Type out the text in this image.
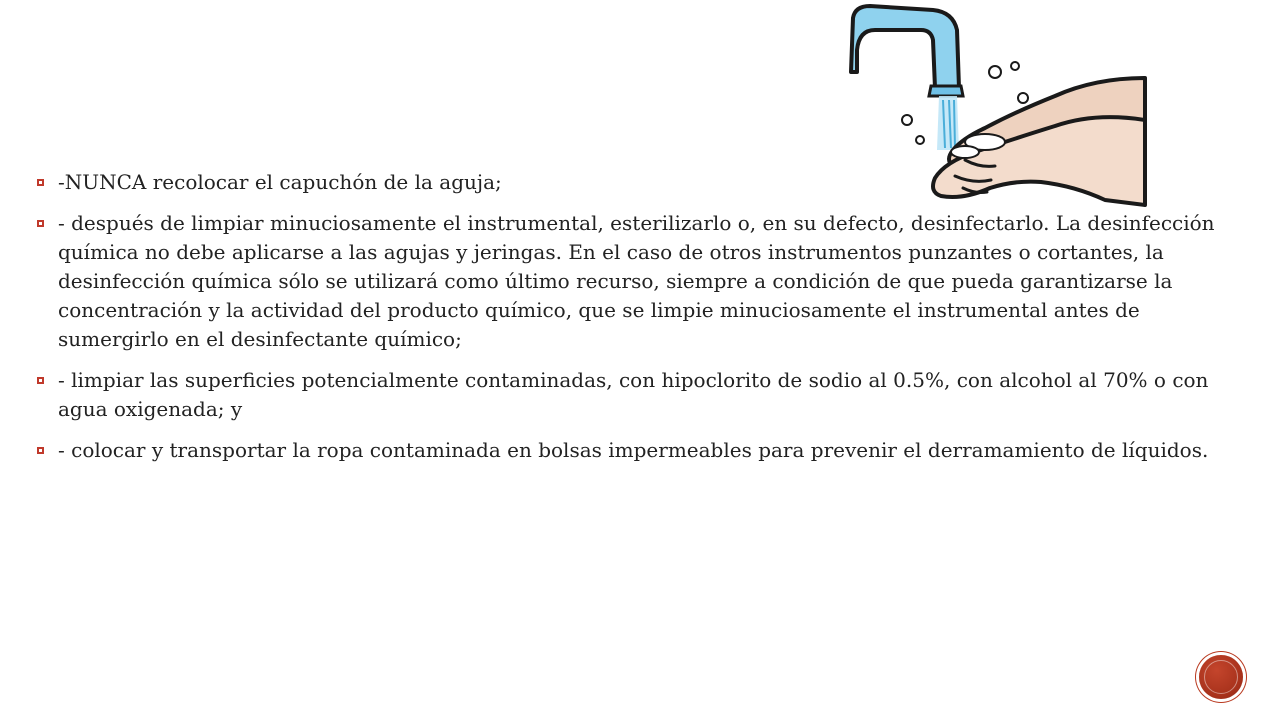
-NUNCA recolocar el capuchón de la aguja;
- después de limpiar minuciosamente el instrumental, esterilizarlo o, en su defecto, desinfectarlo. La desinfección química no debe aplicarse a las agujas y jeringas. En el caso de otros instrumentos punzantes o cortantes, la desinfección química sólo se utilizará como último recurso, siempre a condición de que pueda garantizarse la concentración y la actividad del producto químico, que se limpie minuciosamente el instrumental antes de sumergirlo en el desinfectante químico;
- limpiar las superficies potencialmente contaminadas, con hipoclorito de sodio al 0.5%, con alcohol al 70% o con agua oxigenada; y
- colocar y transportar la ropa contaminada en bolsas impermeables para prevenir el derramamiento de líquidos.
